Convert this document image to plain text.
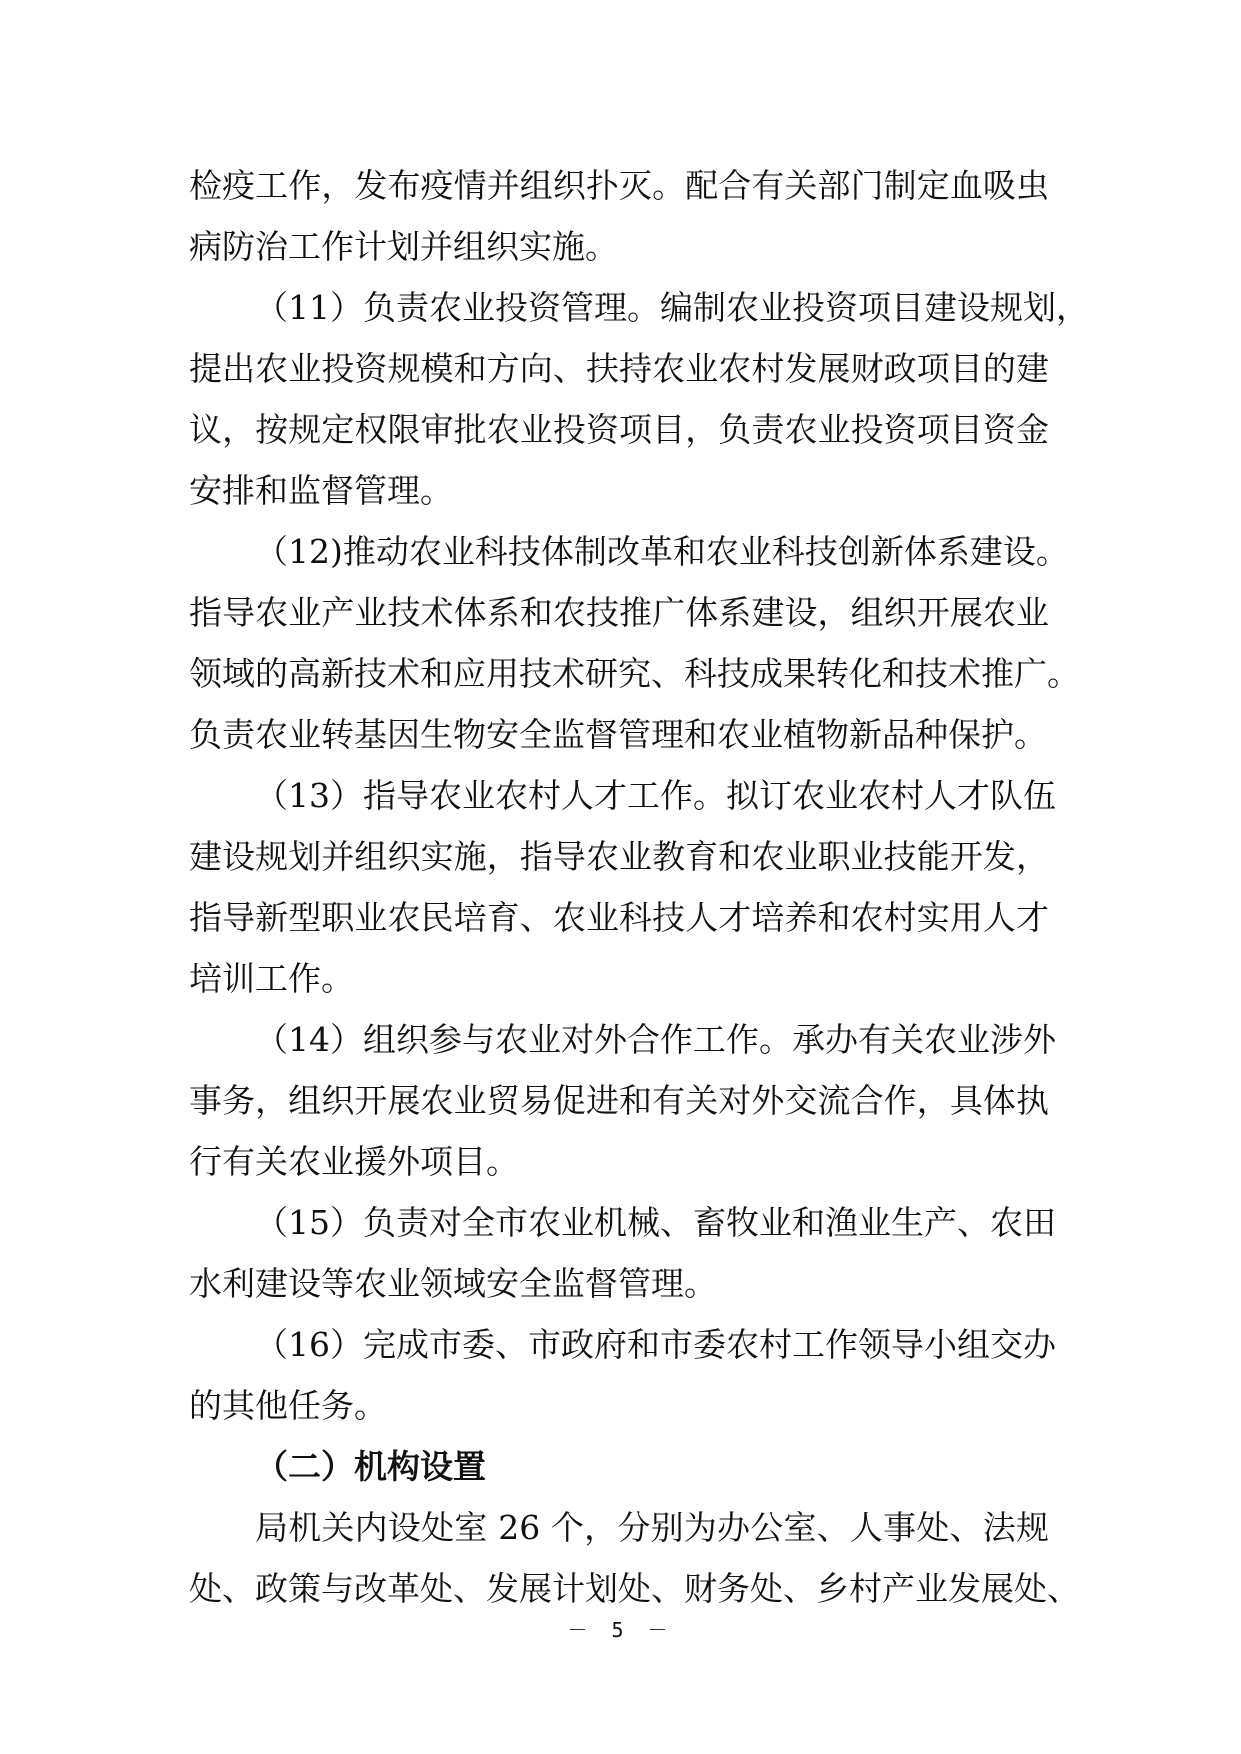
检疫工作，发布疫情并组织扑灭。配合有关部门制定血吸虫
病防治工作计划并组织实施。
（11）负责农业投资管理。编制农业投资项目建设规划，
提出农业投资规模和方向、扶持农业农村发展财政项目的建
议，按规定权限审批农业投资项目，负责农业投资项目资金
安排和监督管理。
（12)推动农业科技体制改革和农业科技创新体系建设。
指导农业产业技术体系和农技推广体系建设，组织开展农业
领域的高新技术和应用技术研究、科技成果转化和技术推广。
负责农业转基因生物安全监督管理和农业植物新品种保护。
（13）指导农业农村人才工作。拟订农业农村人才队伍
建设规划并组织实施，指导农业教育和农业职业技能开发，
指导新型职业农民培育、农业科技人才培养和农村实用人才
培训工作。
（14）组织参与农业对外合作工作。承办有关农业涉外
事务，组织开展农业贸易促进和有关对外交流合作，具体执
行有关农业援外项目。
（15）负责对全市农业机械、畜牧业和渔业生产、农田
水利建设等农业领域安全监督管理。
（16）完成市委、市政府和市委农村工作领导小组交办
的其他任务。
（二）机构设置
局机关内设处室 26 个，分别为办公室、人事处、法规
处、政策与改革处、发展计划处、财务处、乡村产业发展处、
－ 5 －
